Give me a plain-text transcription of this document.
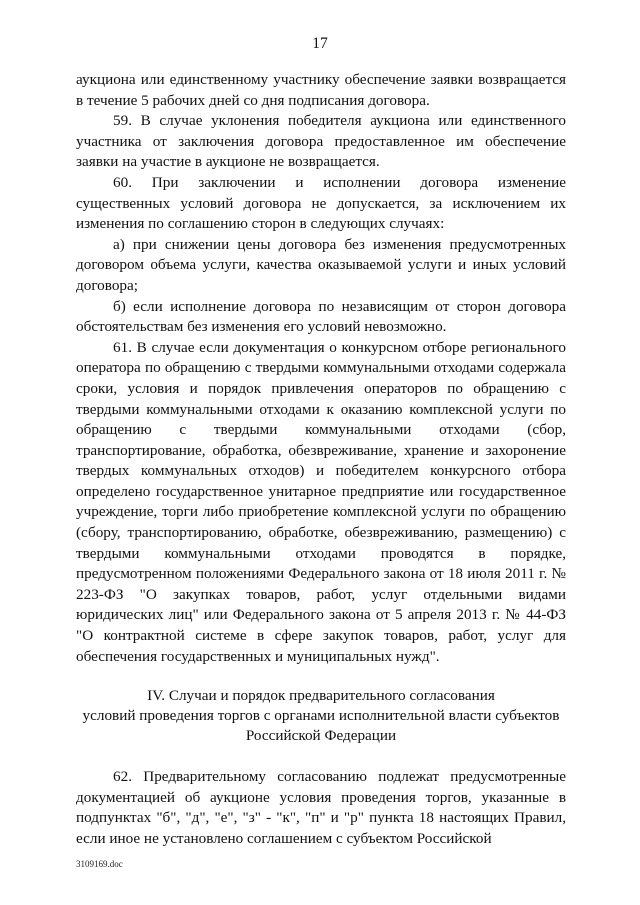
17

аукциона или единственному участнику обеспечение заявки возвращается в течение 5 рабочих дней со дня подписания договора.

59. В случае уклонения победителя аукциона или единственного участника от заключения договора предоставленное им обеспечение заявки на участие в аукционе не возвращается.

60. При заключении и исполнении договора изменение существенных условий договора не допускается, за исключением их изменения по соглашению сторон в следующих случаях:

а) при снижении цены договора без изменения предусмотренных договором объема услуги, качества оказываемой услуги и иных условий договора;

б) если исполнение договора по независящим от сторон договора обстоятельствам без изменения его условий невозможно.

61. В случае если документация о конкурсном отборе регионального оператора по обращению с твердыми коммунальными отходами содержала сроки, условия и порядок привлечения операторов по обращению с твердыми коммунальными отходами к оказанию комплексной услуги по обращению с твердыми коммунальными отходами (сбор, транспортирование, обработка, обезвреживание, хранение и захоронение твердых коммунальных отходов) и победителем конкурсного отбора определено государственное унитарное предприятие или государственное учреждение, торги либо приобретение комплексной услуги по обращению (сбору, транспортированию, обработке, обезвреживанию, размещению) с твердыми коммунальными отходами проводятся в порядке, предусмотренном положениями Федерального закона от 18 июля 2011 г. № 223-ФЗ "О закупках товаров, работ, услуг отдельными видами юридических лиц" или Федерального закона от 5 апреля 2013 г. № 44-ФЗ "О контрактной системе в сфере закупок товаров, работ, услуг для обеспечения государственных и муниципальных нужд".

IV. Случаи и порядок предварительного согласования
условий проведения торгов с органами исполнительной власти субъектов
Российской Федерации

62. Предварительному согласованию подлежат предусмотренные документацией об аукционе условия проведения торгов, указанные в подпунктах "б", "д", "е", "з" - "к", "п" и "р" пункта 18 настоящих Правил, если иное не установлено соглашением с субъектом Российской

3109169.doc
